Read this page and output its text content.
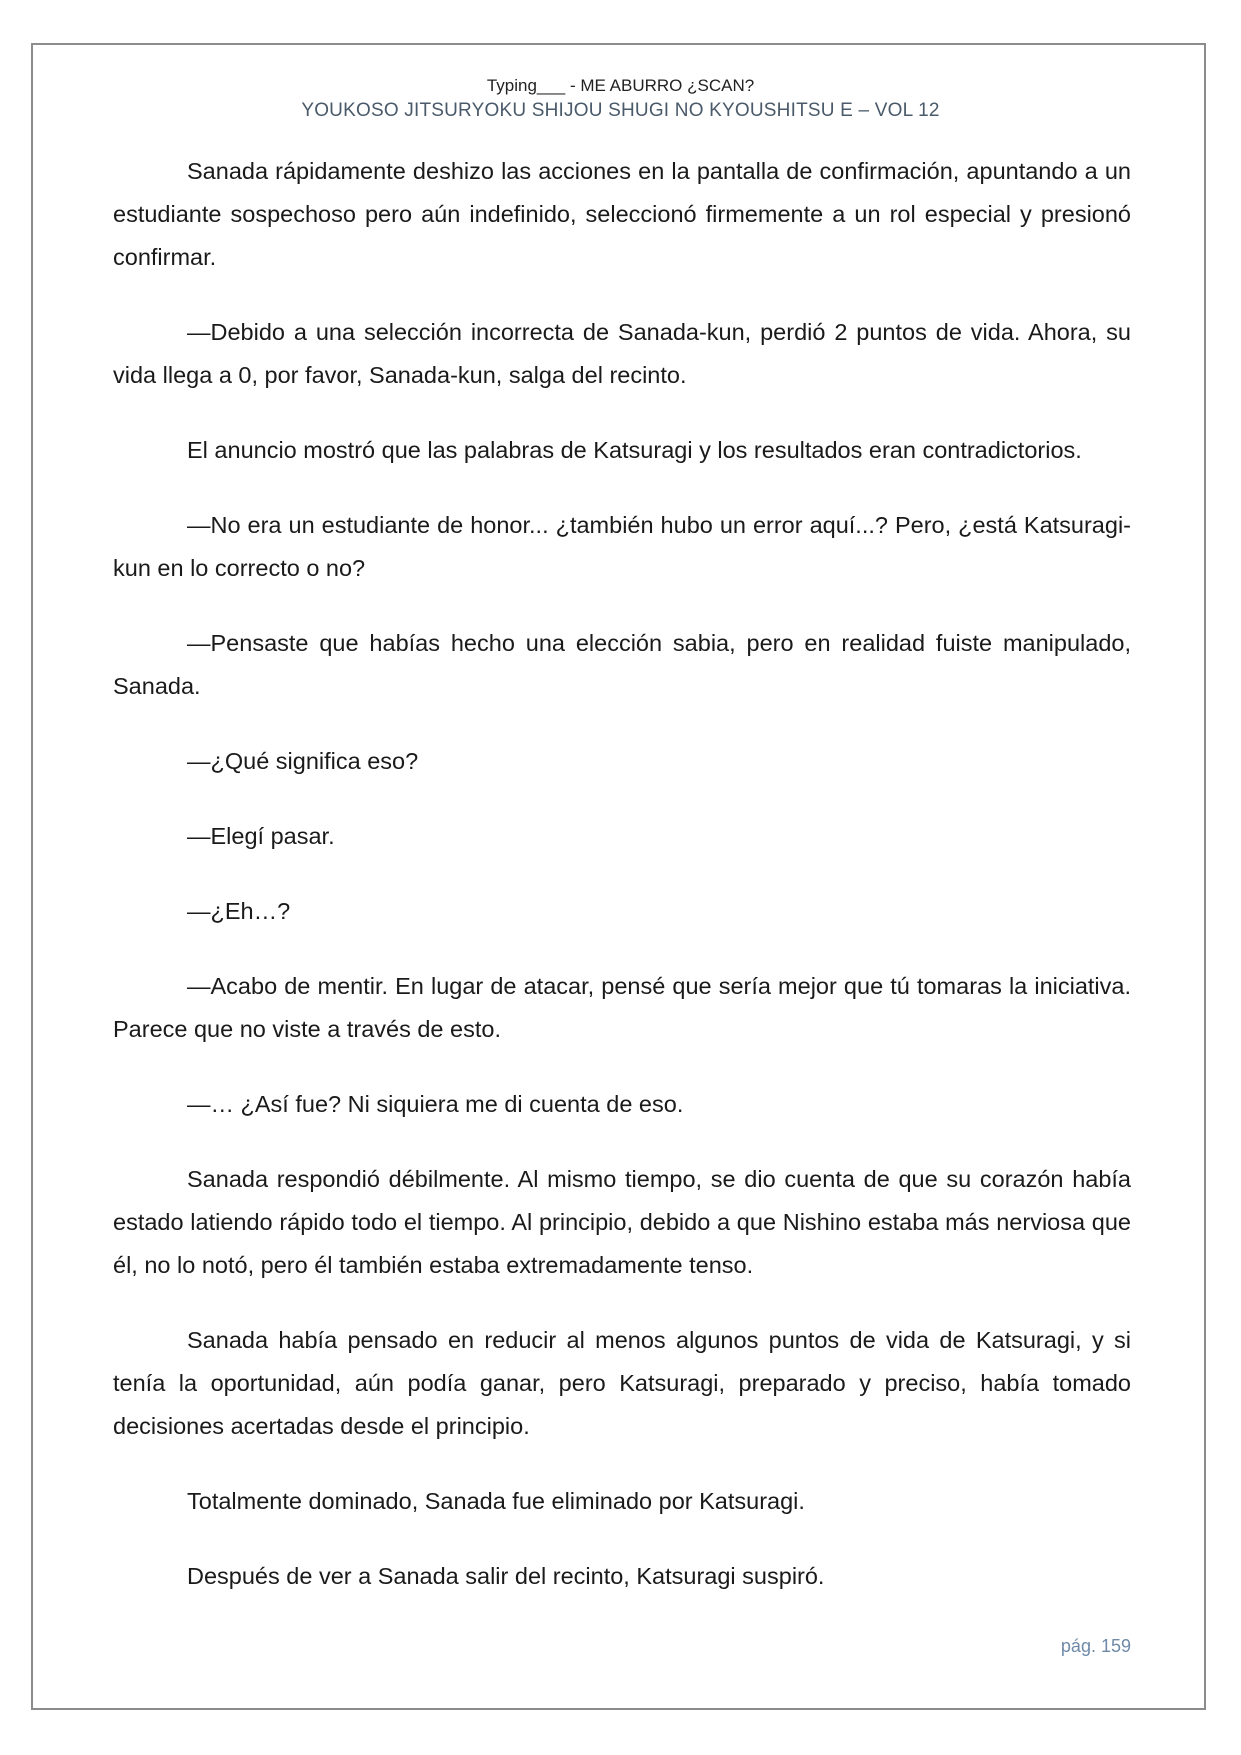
Typing___ - ME ABURRO ¿SCAN?
YOUKOSO JITSURYOKU SHIJOU SHUGI NO KYOUSHITSU E – VOL 12

Sanada rápidamente deshizo las acciones en la pantalla de confirmación, apuntando a un estudiante sospechoso pero aún indefinido, seleccionó firmemente a un rol especial y presionó confirmar.

—Debido a una selección incorrecta de Sanada-kun, perdió 2 puntos de vida. Ahora, su vida llega a 0, por favor, Sanada-kun, salga del recinto.

El anuncio mostró que las palabras de Katsuragi y los resultados eran contradictorios.

—No era un estudiante de honor... ¿también hubo un error aquí...? Pero, ¿está Katsuragi-kun en lo correcto o no?

—Pensaste que habías hecho una elección sabia, pero en realidad fuiste manipulado, Sanada.

—¿Qué significa eso?

—Elegí pasar.

—¿Eh…?

—Acabo de mentir. En lugar de atacar, pensé que sería mejor que tú tomaras la iniciativa. Parece que no viste a través de esto.

—… ¿Así fue? Ni siquiera me di cuenta de eso.

Sanada respondió débilmente. Al mismo tiempo, se dio cuenta de que su corazón había estado latiendo rápido todo el tiempo. Al principio, debido a que Nishino estaba más nerviosa que él, no lo notó, pero él también estaba extremadamente tenso.

Sanada había pensado en reducir al menos algunos puntos de vida de Katsuragi, y si tenía la oportunidad, aún podía ganar, pero Katsuragi, preparado y preciso, había tomado decisiones acertadas desde el principio.

Totalmente dominado, Sanada fue eliminado por Katsuragi.

Después de ver a Sanada salir del recinto, Katsuragi suspiró.

pág. 159
